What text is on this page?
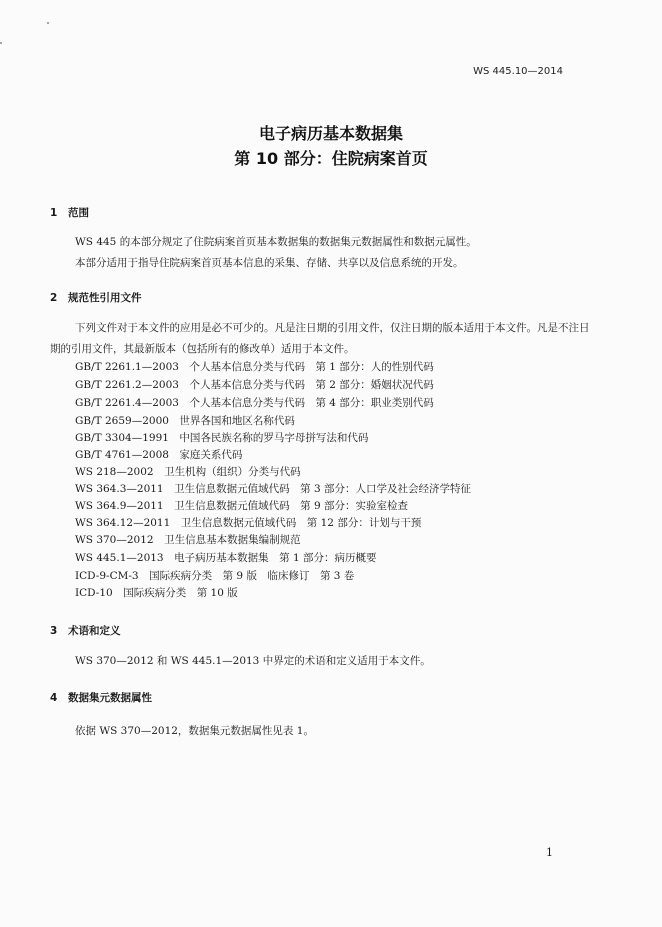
WS 445.10—2014
电子病历基本数据集
第 10 部分：住院病案首页
1 范围
WS 445 的本部分规定了住院病案首页基本数据集的数据集元数据属性和数据元属性。
本部分适用于指导住院病案首页基本信息的采集、存储、共享以及信息系统的开发。
2 规范性引用文件
下列文件对于本文件的应用是必不可少的。凡是注日期的引用文件，仅注日期的版本适用于本文件。凡是不注日期的引用文件，其最新版本（包括所有的修改单）适用于本文件。
GB/T 2261.1—2003　个人基本信息分类与代码　第 1 部分：人的性别代码
GB/T 2261.2—2003　个人基本信息分类与代码　第 2 部分：婚姻状况代码
GB/T 2261.4—2003　个人基本信息分类与代码　第 4 部分：职业类别代码
GB/T 2659—2000　世界各国和地区名称代码
GB/T 3304—1991　中国各民族名称的罗马字母拼写法和代码
GB/T 4761—2008　家庭关系代码
WS 218—2002　卫生机构（组织）分类与代码
WS 364.3—2011　卫生信息数据元值域代码　第 3 部分：人口学及社会经济学特征
WS 364.9—2011　卫生信息数据元值域代码　第 9 部分：实验室检查
WS 364.12—2011　卫生信息数据元值域代码　第 12 部分：计划与干预
WS 370—2012　卫生信息基本数据集编制规范
WS 445.1—2013　电子病历基本数据集　第 1 部分：病历概要
ICD-9-CM-3　国际疾病分类　第 9 版　临床修订　第 3 卷
ICD-10　国际疾病分类　第 10 版
3 术语和定义
WS 370—2012 和 WS 445.1—2013 中界定的术语和定义适用于本文件。
4 数据集元数据属性
依据 WS 370—2012，数据集元数据属性见表 1。
1
